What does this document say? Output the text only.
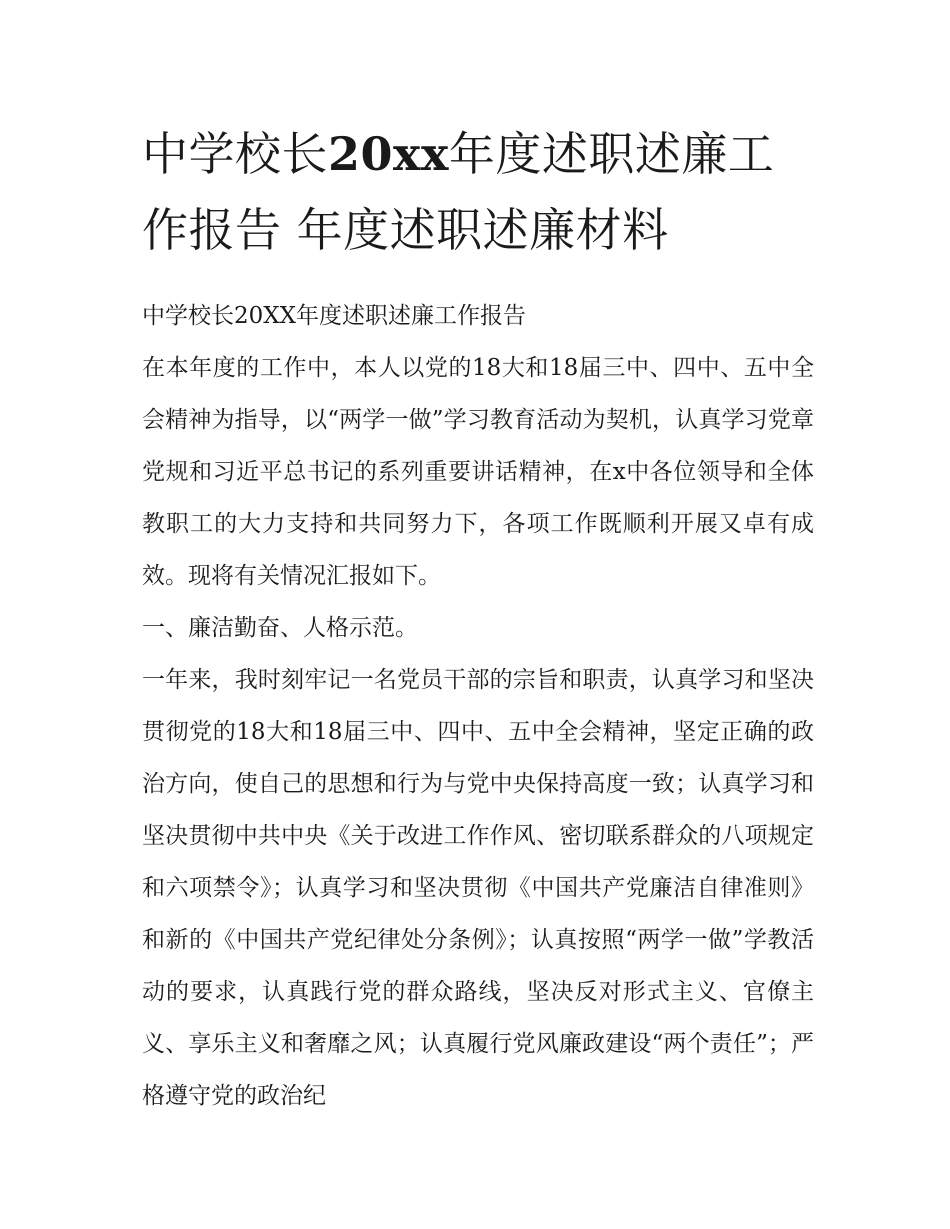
中学校长20xx年度述职述廉工作报告 年度述职述廉材料

中学校长20XX年度述职述廉工作报告

在本年度的工作中，本人以党的18大和18届三中、四中、五中全会精神为指导，以“两学一做”学习教育活动为契机，认真学习党章党规和习近平总书记的系列重要讲话精神，在x中各位领导和全体教职工的大力支持和共同努力下，各项工作既顺利开展又卓有成效。现将有关情况汇报如下。

一、廉洁勤奋、人格示范。

一年来，我时刻牢记一名党员干部的宗旨和职责，认真学习和坚决贯彻党的18大和18届三中、四中、五中全会精神，坚定正确的政治方向，使自己的思想和行为与党中央保持高度一致；认真学习和坚决贯彻中共中央《关于改进工作作风、密切联系群众的八项规定和六项禁令》；认真学习和坚决贯彻《中国共产党廉洁自律准则》和新的《中国共产党纪律处分条例》；认真按照“两学一做”学教活动的要求，认真践行党的群众路线，坚决反对形式主义、官僚主义、享乐主义和奢靡之风；认真履行党风廉政建设“两个责任”；严格遵守党的政治纪
